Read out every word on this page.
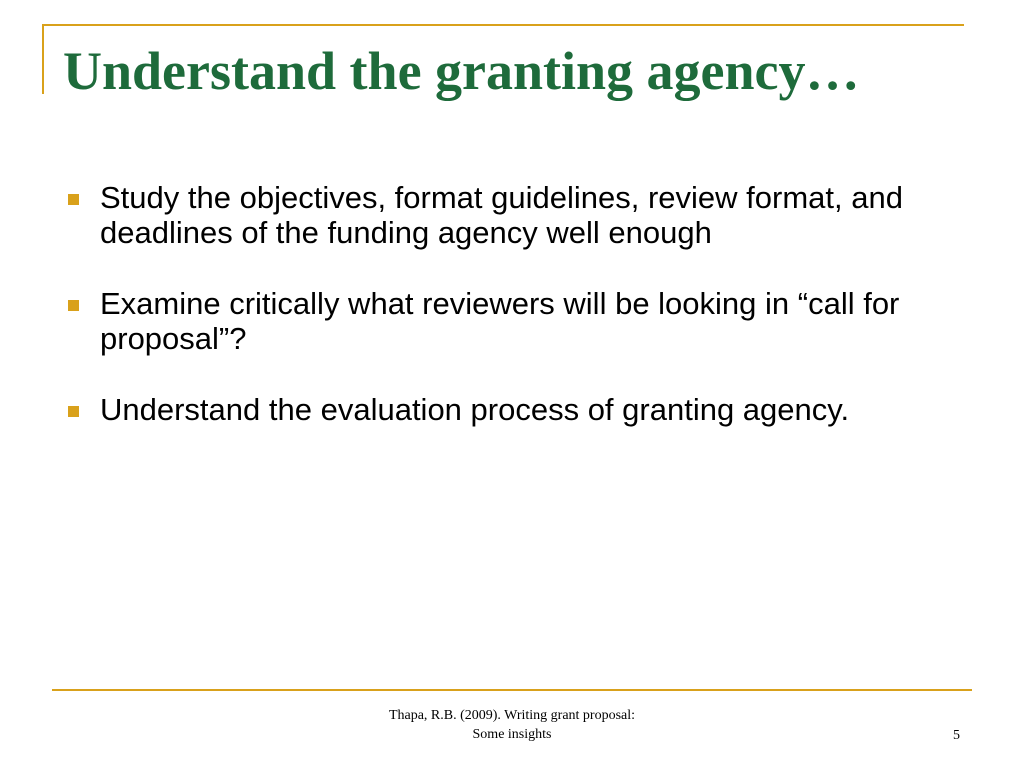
Understand the granting agency…
Study the objectives, format guidelines, review format, and deadlines of the funding agency well enough
Examine critically what reviewers will be looking in “call for proposal”?
Understand the evaluation process of granting agency.
Thapa, R.B. (2009). Writing grant proposal:
Some insights	5
